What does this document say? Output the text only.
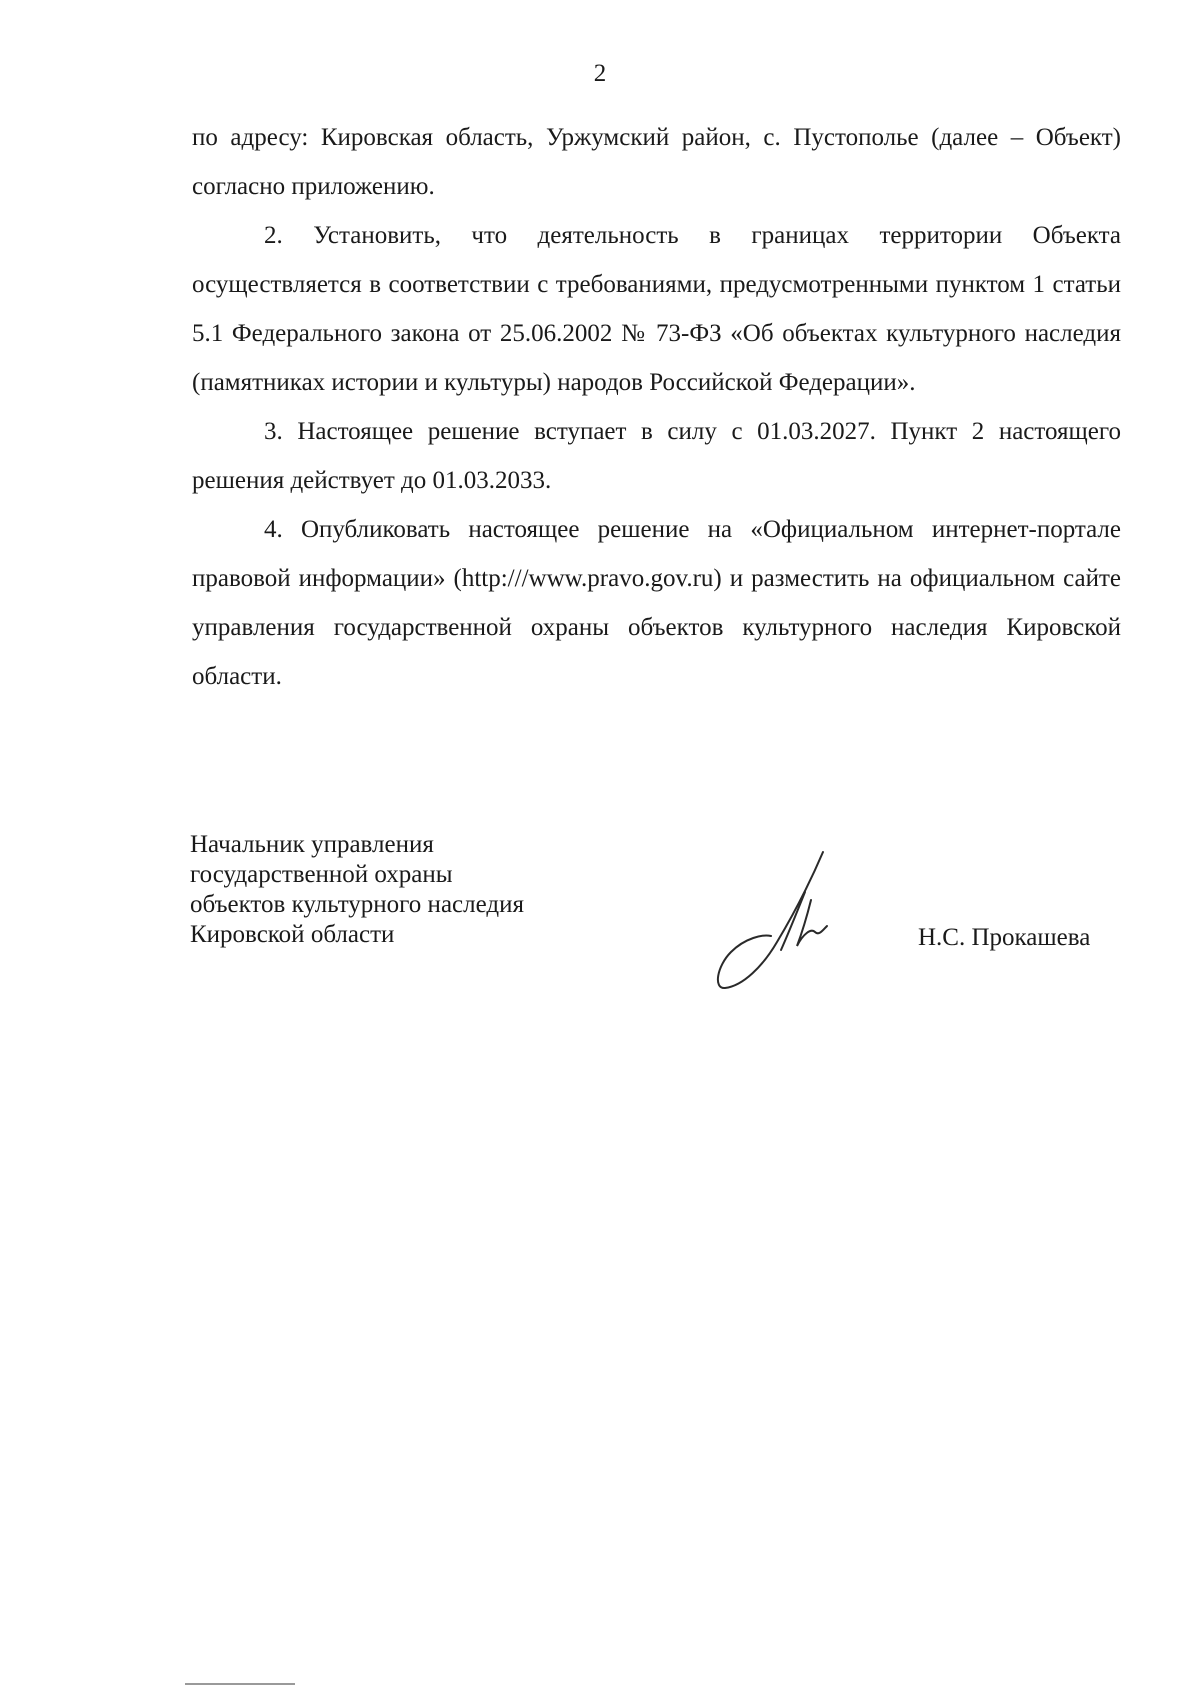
2

по адресу: Кировская область, Уржумский район, с. Пустополье (далее – Объект) согласно приложению.

2. Установить, что деятельность в границах территории Объекта осуществляется в соответствии с требованиями, предусмотренными пунктом 1 статьи 5.1 Федерального закона от 25.06.2002 № 73-ФЗ «Об объектах культурного наследия (памятниках истории и культуры) народов Российской Федерации».

3. Настоящее решение вступает в силу с 01.03.2027. Пункт 2 настоящего решения действует до 01.03.2033.

4. Опубликовать настоящее решение на «Официальном интернет-портале правовой информации» (http:///www.pravo.gov.ru) и разместить на официальном сайте управления государственной охраны объектов культурного наследия Кировской области.

Начальник управления
государственной охраны
объектов культурного наследия
Кировской области	Н.С. Прокашева
